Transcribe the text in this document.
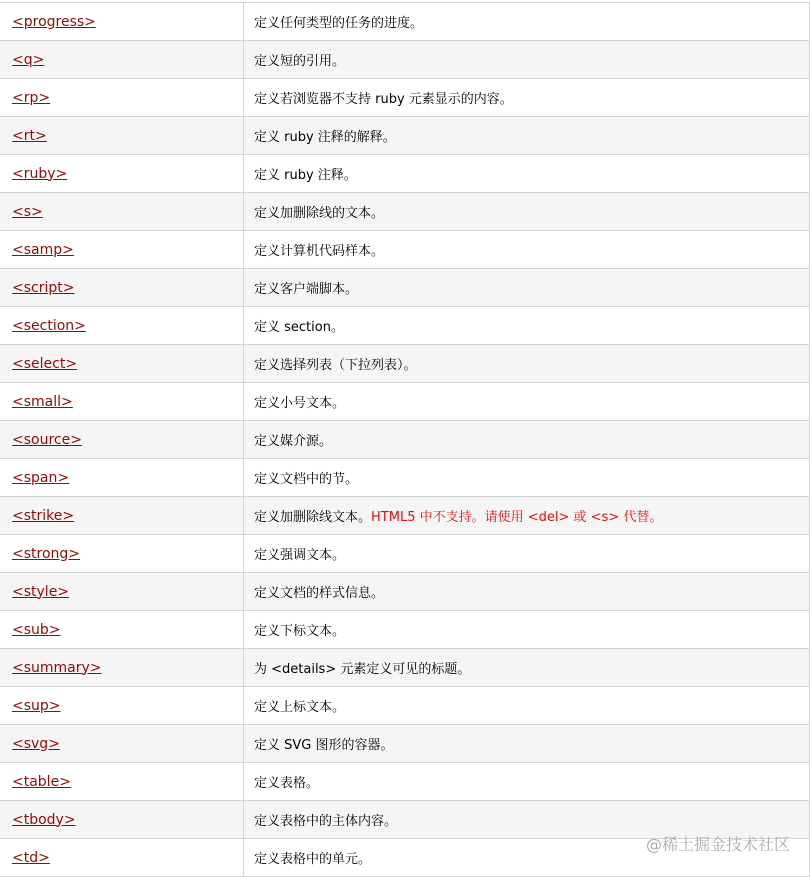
<progress>	定义任何类型的任务的进度。
<q>	定义短的引用。
<rp>	定义若浏览器不支持 ruby 元素显示的内容。
<rt>	定义 ruby 注释的解释。
<ruby>	定义 ruby 注释。
<s>	定义加删除线的文本。
<samp>	定义计算机代码样本。
<script>	定义客户端脚本。
<section>	定义 section。
<select>	定义选择列表（下拉列表）。
<small>	定义小号文本。
<source>	定义媒介源。
<span>	定义文档中的节。
<strike>	定义加删除线文本。HTML5 中不支持。请使用 <del> 或 <s> 代替。
<strong>	定义强调文本。
<style>	定义文档的样式信息。
<sub>	定义下标文本。
<summary>	为 <details> 元素定义可见的标题。
<sup>	定义上标文本。
<svg>	定义 SVG 图形的容器。
<table>	定义表格。
<tbody>	定义表格中的主体内容。
<td>	定义表格中的单元。
@稀土掘金技术社区
